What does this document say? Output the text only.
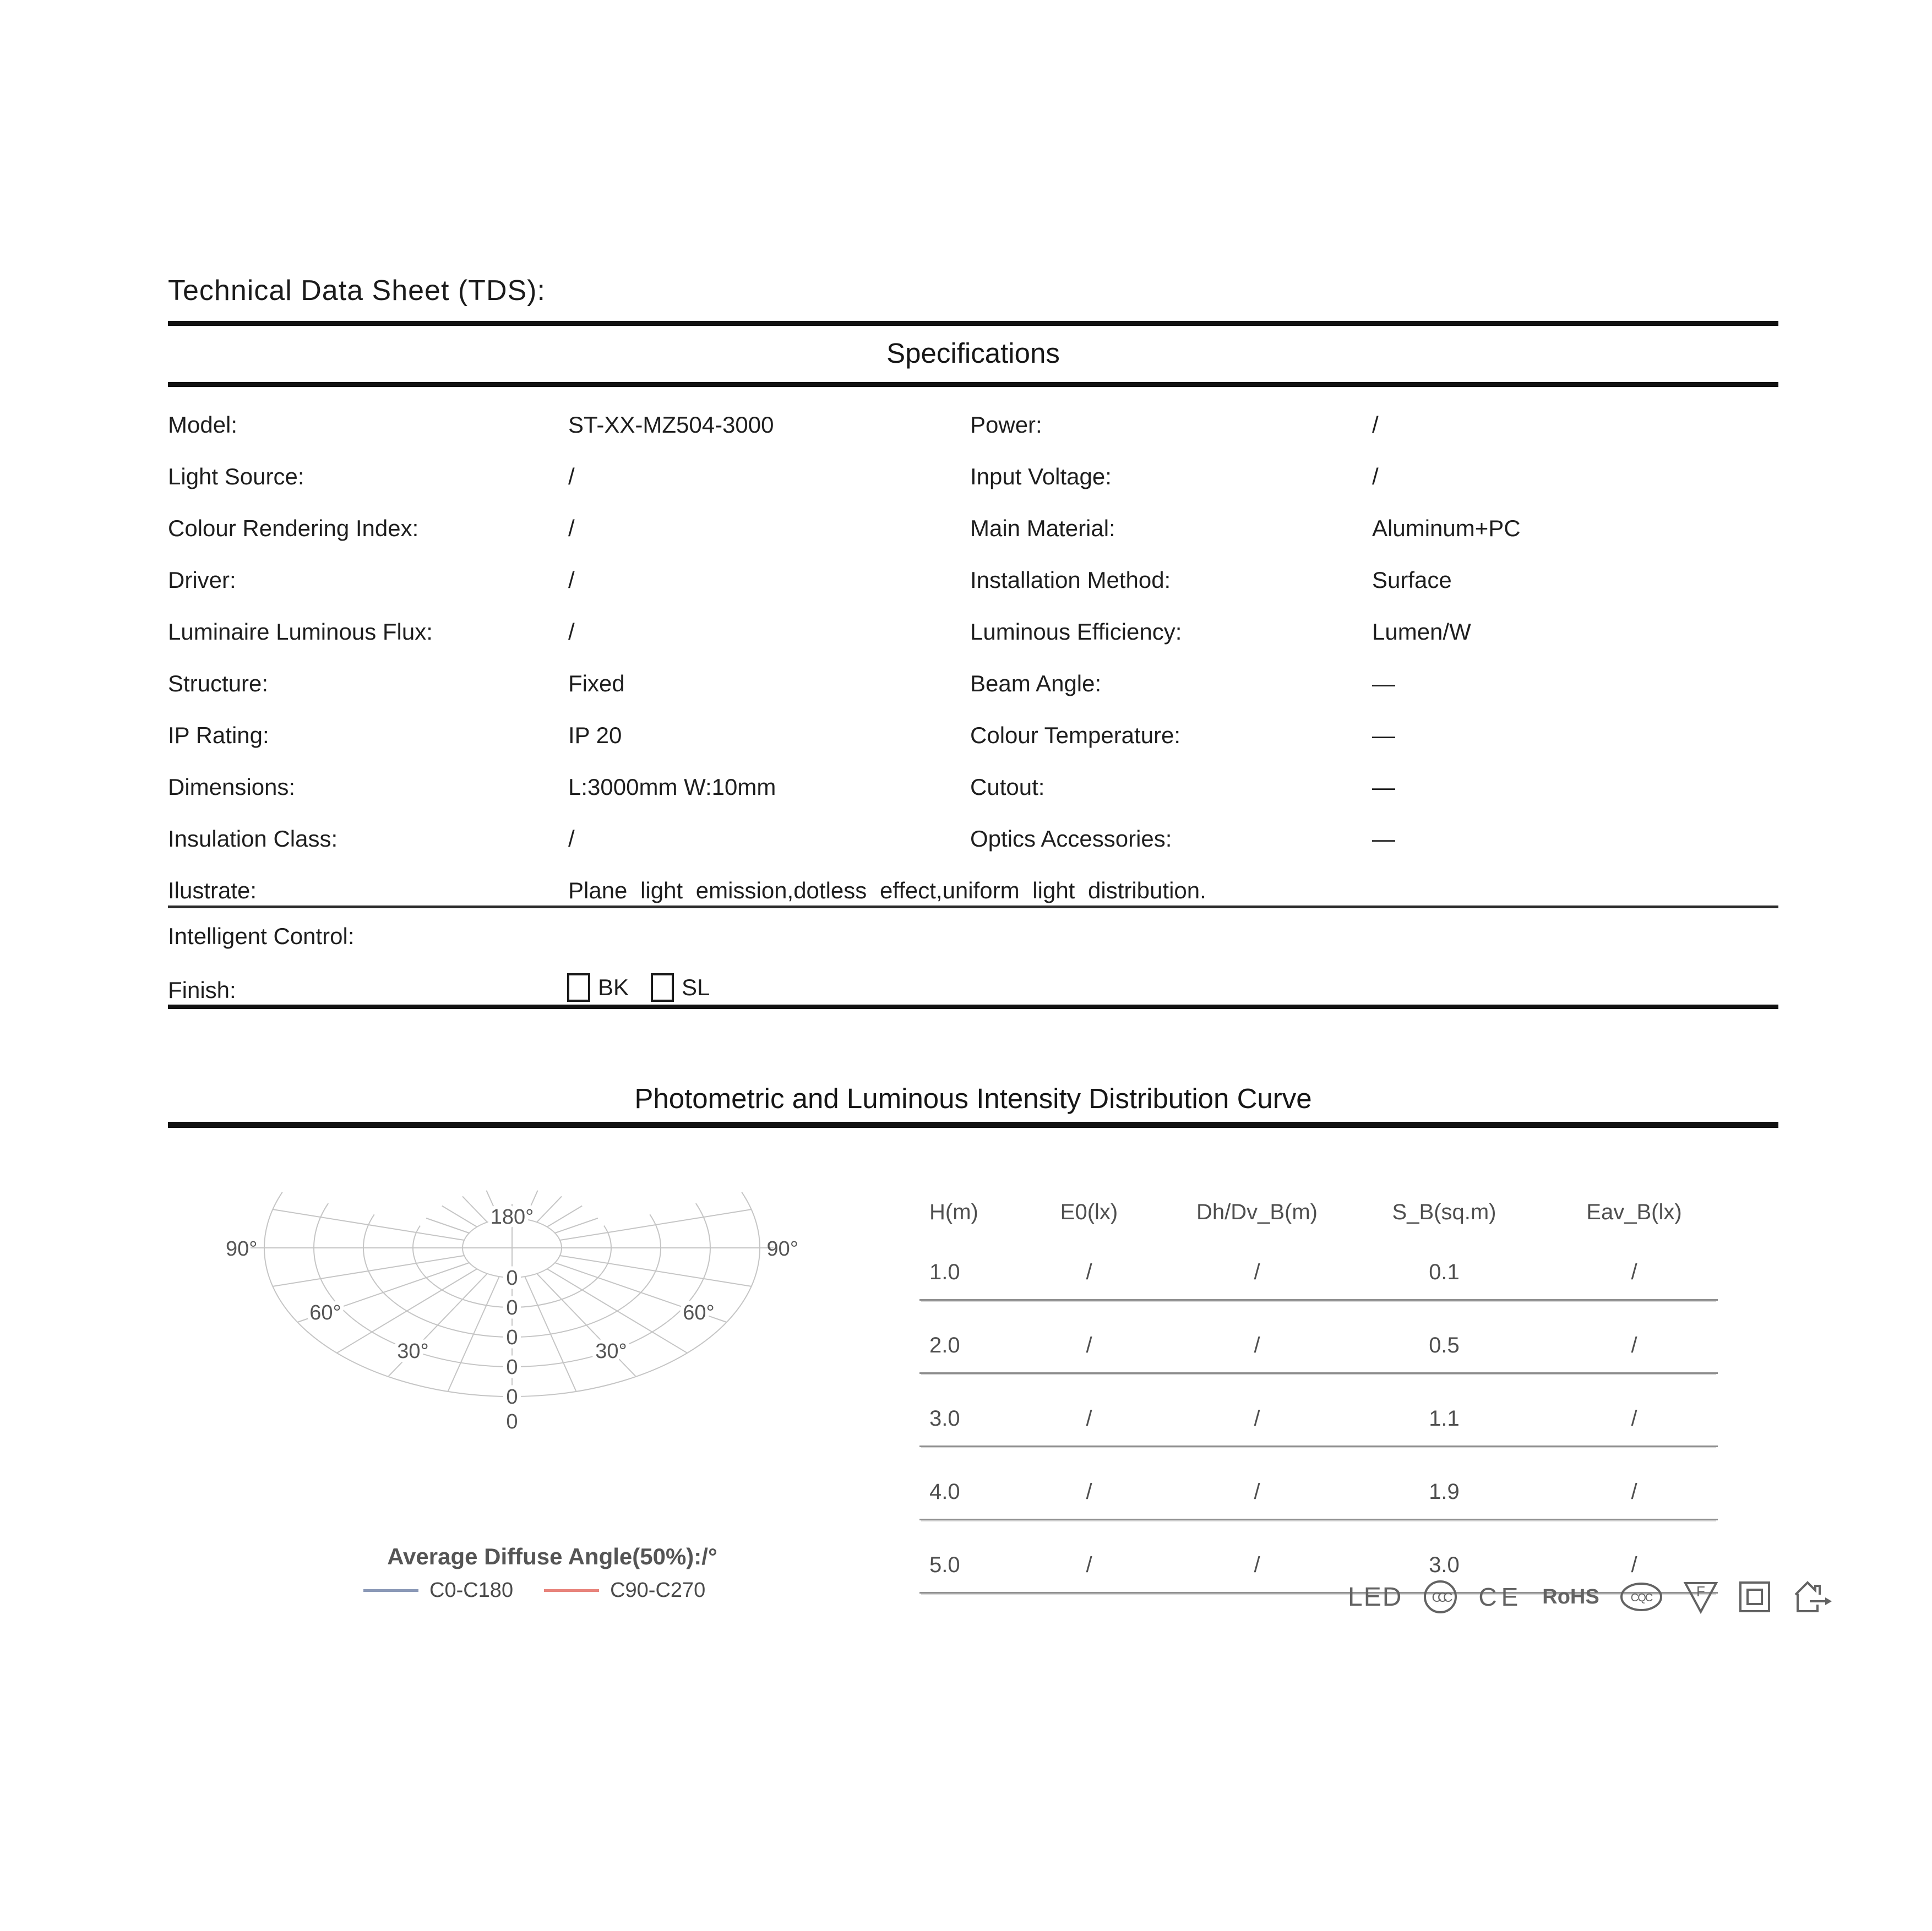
Technical Data Sheet (TDS):
Specifications
Model:	ST-XX-MZ504-3000	Power:	/
Light Source:	/	Input Voltage:	/
Colour Rendering Index:	/	Main Material:	Aluminum+PC
Driver:	/	Installation Method:	Surface
Luminaire Luminous Flux:	/	Luminous Efficiency:	Lumen/W
Structure:	Fixed	Beam Angle:	—
IP Rating:	IP 20	Colour Temperature:	—
Dimensions:	L:3000mm W:10mm	Cutout:	—
Insulation Class:	/	Optics Accessories:	—
Ilustrate:	Plane light emission,dotless effect,uniform light distribution.
Intelligent Control:
Finish:	BK SL
Photometric and Luminous Intensity Distribution Curve
180°
90°	90°
60°	60°
30°	30°
0
0
0
0
0
0
Average Diffuse Angle(50%):/°
C0-C180	C90-C270
H(m)	E0(lx)	Dh/Dv_B(m)	S_B(sq.m)	Eav_B(lx)
1.0	/	/	0.1	/
2.0	/	/	0.5	/
3.0	/	/	1.1	/
4.0	/	/	1.9	/
5.0	/	/	3.0	/
LED CCC CE RoHS	CQC	F
